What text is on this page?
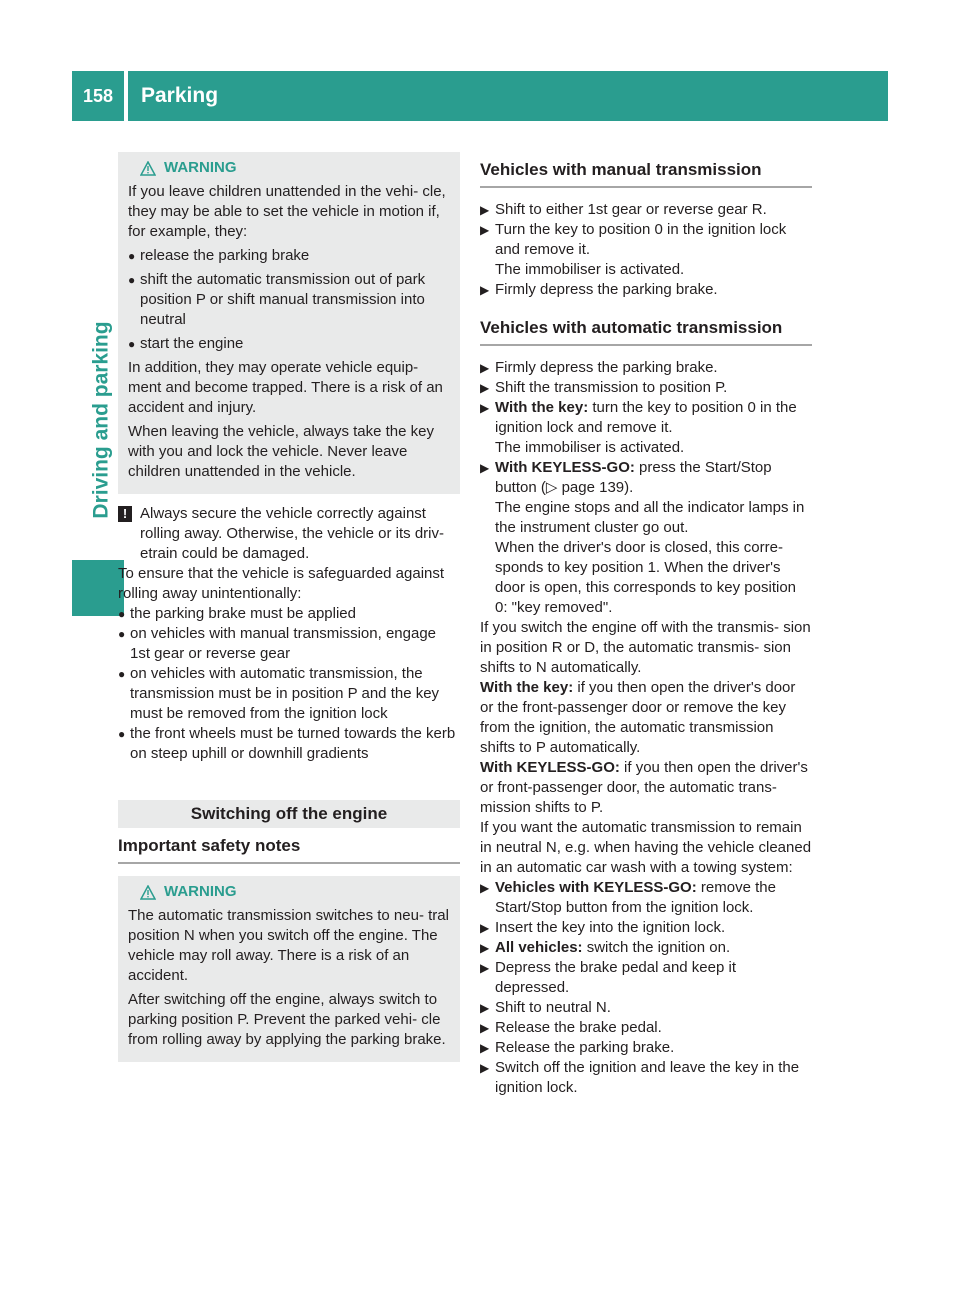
158	Parking
Driving and parking
WARNING

If you leave children unattended in the vehi- cle, they may be able to set the vehicle in motion if, for example, they:

● release the parking brake
● shift the automatic transmission out of park position P or shift manual transmission into neutral
● start the engine

In addition, they may operate vehicle equip- ment and become trapped. There is a risk of an accident and injury.

When leaving the vehicle, always take the key with you and lock the vehicle. Never leave children unattended in the vehicle.

! Always secure the vehicle correctly against rolling away. Otherwise, the vehicle or its driv- etrain could be damaged.

To ensure that the vehicle is safeguarded against rolling away unintentionally:

● the parking brake must be applied
● on vehicles with manual transmission, engage 1st gear or reverse gear
● on vehicles with automatic transmission, the transmission must be in position P and the key must be removed from the ignition lock
● the front wheels must be turned towards the kerb on steep uphill or downhill gradients
Switching off the engine
Important safety notes
WARNING

The automatic transmission switches to neu- tral position N when you switch off the engine. The vehicle may roll away. There is a risk of an accident.

After switching off the engine, always switch to parking position P. Prevent the parked vehi- cle from rolling away by applying the parking brake.

Vehicles with manual transmission
▶ Shift to either 1st gear or reverse gear R.
▶ Turn the key to position 0 in the ignition lock and remove it.
The immobiliser is activated.
▶ Firmly depress the parking brake.
Vehicles with automatic transmission
▶ Firmly depress the parking brake.
▶ Shift the transmission to position P.
▶ With the key: turn the key to position 0 in the ignition lock and remove it.
The immobiliser is activated.
▶ With KEYLESS-GO: press the Start/Stop button (▷ page 139).
The engine stops and all the indicator lamps in the instrument cluster go out.
When the driver's door is closed, this corre- sponds to key position 1. When the driver's door is open, this corresponds to key position 0: "key removed".

If you switch the engine off with the transmis- sion in position R or D, the automatic transmis- sion shifts to N automatically.

With the key: if you then open the driver's door or the front-passenger door or remove the key from the ignition, the automatic transmission shifts to P automatically.

With KEYLESS-GO: if you then open the driver's or front-passenger door, the automatic trans- mission shifts to P.

If you want the automatic transmission to remain in neutral N, e.g. when having the vehicle cleaned in an automatic car wash with a towing system:

▶ Vehicles with KEYLESS-GO: remove the Start/Stop button from the ignition lock.
▶ Insert the key into the ignition lock.
▶ All vehicles: switch the ignition on.
▶ Depress the brake pedal and keep it depressed.
▶ Shift to neutral N.
▶ Release the brake pedal.
▶ Release the parking brake.
▶ Switch off the ignition and leave the key in the ignition lock.
